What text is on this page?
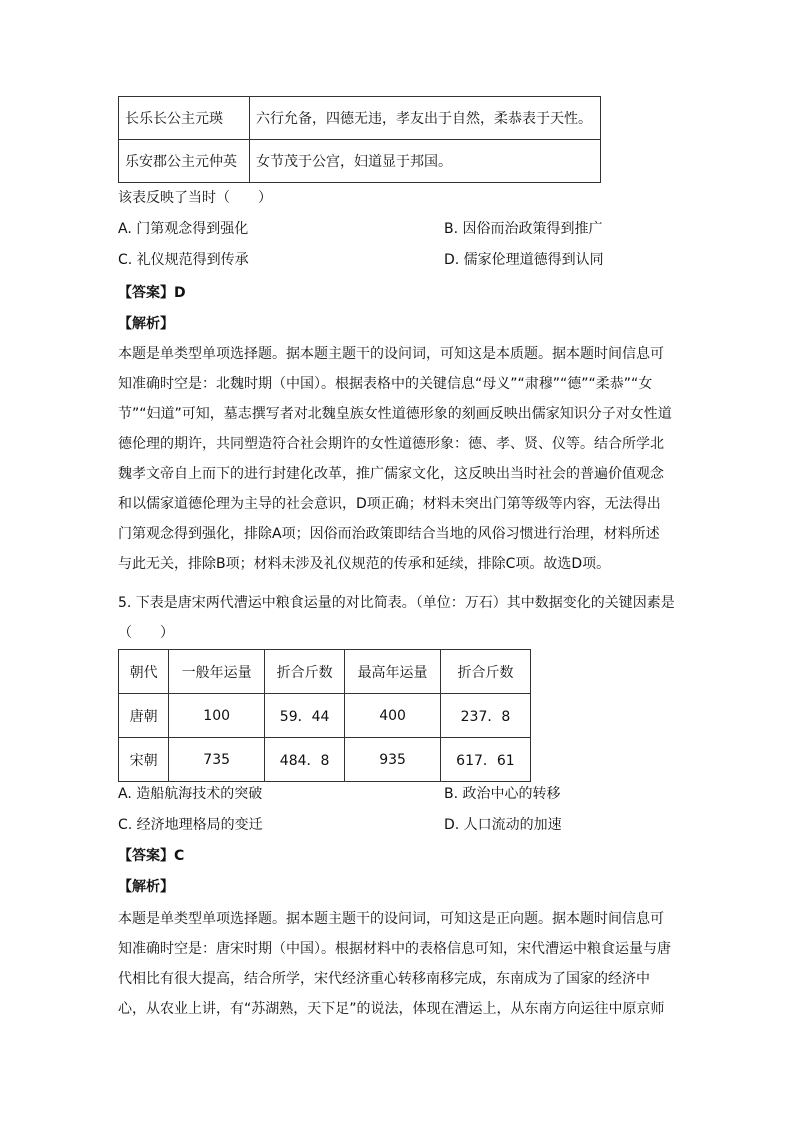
长乐长公主元瑛	六行允备，四德无违，孝友出于自然，柔恭表于天性。
乐安郡公主元仲英	女节茂于公宫，妇道显于邦国。
该表反映了当时（　　）
A. 门第观念得到强化	B. 因俗而治政策得到推广
C. 礼仪规范得到传承	D. 儒家伦理道德得到认同
【答案】D
【解析】

本题是单类型单项选择题。据本题主题干的设问词，可知这是本质题。据本题时间信息可

知准确时空是：北魏时期（中国）。根据表格中的关键信息“母义”“肃穆”“德”“柔恭”“女

节”“妇道”可知，墓志撰写者对北魏皇族女性道德形象的刻画反映出儒家知识分子对女性道

德伦理的期许，共同塑造符合社会期许的女性道德形象：德、孝、贤、仪等。结合所学北

魏孝文帝自上而下的进行封建化改革，推广儒家文化，这反映出当时社会的普遍价值观念

和以儒家道德伦理为主导的社会意识，D项正确；材料未突出门第等级等内容，无法得出

门第观念得到强化，排除A项；因俗而治政策即结合当地的风俗习惯进行治理，材料所述

与此无关，排除B项；材料未涉及礼仪规范的传承和延续，排除C项。故选D项。

5. 下表是唐宋两代漕运中粮食运量的对比简表。（单位：万石）其中数据变化的关键因素是
（　　）
朝代	一般年运量	折合斤数	最高年运量	折合斤数
唐朝	100	59．44	400	237．8
宋朝	735	484．8	935	617．61
A. 造船航海技术的突破	B. 政治中心的转移
C. 经济地理格局的变迁	D. 人口流动的加速
【答案】C
【解析】

本题是单类型单项选择题。据本题主题干的设问词，可知这是正向题。据本题时间信息可

知准确时空是：唐宋时期（中国）。根据材料中的表格信息可知，宋代漕运中粮食运量与唐

代相比有很大提高，结合所学，宋代经济重心转移南移完成，东南成为了国家的经济中

心，从农业上讲，有“苏湖熟，天下足”的说法，体现在漕运上，从东南方向运往中原京师
